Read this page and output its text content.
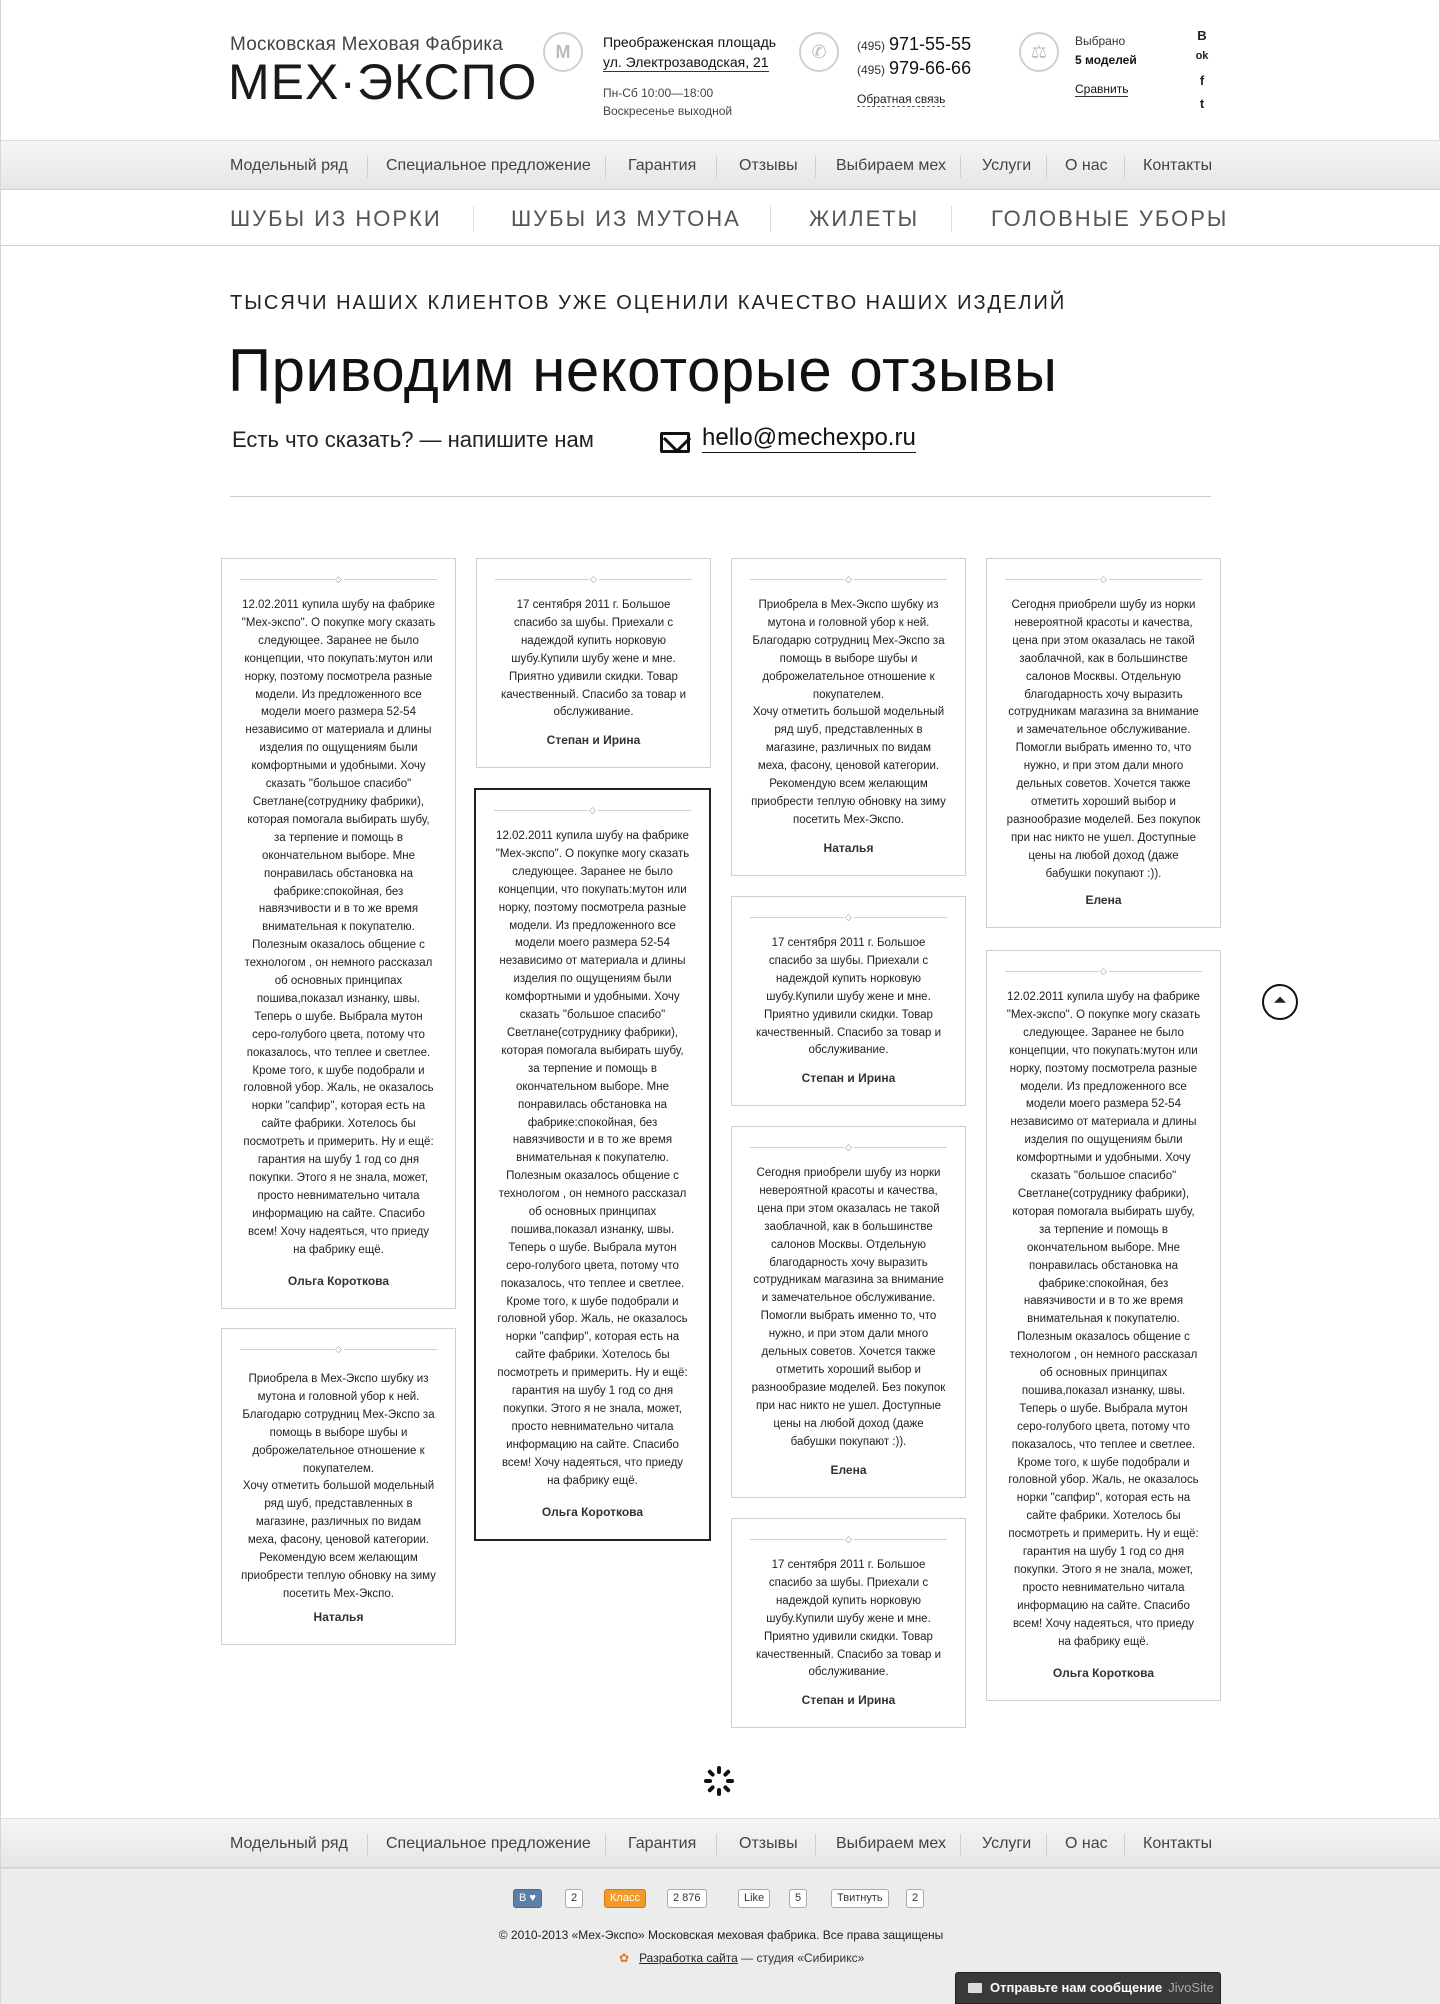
Московская Меховая Фабрика
МЕХ·ЭКСПО
М Преображенская площадь
ул. Электрозаводская, 21
Пн-Сб 10:00—18:00
Воскресенье выходной
✆	(495) 971-55-55
(495) 979-66-66
Обратная связь
⚖
Выбрано
5 моделей
Сравнить
В
ok
f
t
Модельный ряд Специальное предложение Гарантия	Отзывы Выбираем мех Услуги О нас Контакты
ШУБЫ ИЗ НОРКИ	ШУБЫ ИЗ МУТОНА	ЖИЛЕТЫ	ГОЛОВНЫЕ УБОРЫ
ТЫСЯЧИ НАШИХ КЛИЕНТОВ УЖЕ ОЦЕНИЛИ КАЧЕСТВО НАШИХ ИЗДЕЛИЙ
Приводим некоторые отзывы
Есть что сказать? — напишите нам	hello@mechexpo.ru
◇
12.02.2011 купила шубу на фабрике
"Мех-экспо". О покупке могу сказать
следующее. Заранее не было
концепции, что покупать:мутон или
норку, поэтому посмотрела разные
модели. Из предложенного все
модели моего размера 52-54
независимо от материала и длины
изделия по ощущениям были
комфортными и удобными. Хочу
сказать "большое спасибо"
Светлане(сотруднику фабрики),
которая помогала выбирать шубу,
за терпение и помощь в
окончательном выборе. Мне
понравилась обстановка на
фабрике:спокойная, без
навязчивости и в то же время
внимательная к покупателю.
Полезным оказалось общение с
технологом , он немного рассказал
об основных принципах
пошива,показал изнанку, швы.
Теперь о шубе. Выбрала мутон
серо-голубого цвета, потому что
показалось, что теплее и светлее.
Кроме того, к шубе подобрали и
головной убор. Жаль, не оказалось
норки "сапфир", которая есть на
сайте фабрики. Хотелось бы
посмотреть и примерить. Ну и ещё:
гарантия на шубу 1 год со дня
покупки. Этого я не знала, может,
просто невнимательно читала
информацию на сайте. Спасибо
всем! Хочу надеяться, что приеду
на фабрику ещё.
Ольга Короткова
◇
Приобрела в Мех-Экспо шубку из
мутона и головной убор к ней.
Благодарю сотрудниц Мех-Экспо за
помощь в выборе шубы и
доброжелательное отношение к
покупателем.
Хочу отметить большой модельный
ряд шуб, представленных в
магазине, различных по видам
меха, фасону, ценовой категории.
Рекомендую всем желающим
приобрести теплую обновку на зиму
посетить Мех-Экспо.
Наталья
◇
17 сентября 2011 г. Большое
спасибо за шубы. Приехали с
надеждой купить норковую
шубу.Купили шубу жене и мне.
Приятно удивили скидки. Товар
качественный. Спасибо за товар и
обслуживание.
Степан и Ирина
◇
12.02.2011 купила шубу на фабрике
"Мех-экспо". О покупке могу сказать
следующее. Заранее не было
концепции, что покупать:мутон или
норку, поэтому посмотрела разные
модели. Из предложенного все
модели моего размера 52-54
независимо от материала и длины
изделия по ощущениям были
комфортными и удобными. Хочу
сказать "большое спасибо"
Светлане(сотруднику фабрики),
которая помогала выбирать шубу,
за терпение и помощь в
окончательном выборе. Мне
понравилась обстановка на
фабрике:спокойная, без
навязчивости и в то же время
внимательная к покупателю.
Полезным оказалось общение с
технологом , он немного рассказал
об основных принципах
пошива,показал изнанку, швы.
Теперь о шубе. Выбрала мутон
серо-голубого цвета, потому что
показалось, что теплее и светлее.
Кроме того, к шубе подобрали и
головной убор. Жаль, не оказалось
норки "сапфир", которая есть на
сайте фабрики. Хотелось бы
посмотреть и примерить. Ну и ещё:
гарантия на шубу 1 год со дня
покупки. Этого я не знала, может,
просто невнимательно читала
информацию на сайте. Спасибо
всем! Хочу надеяться, что приеду
на фабрику ещё.
Ольга Короткова
◇
Приобрела в Мех-Экспо шубку из
мутона и головной убор к ней.
Благодарю сотрудниц Мех-Экспо за
помощь в выборе шубы и
доброжелательное отношение к
покупателем.
Хочу отметить большой модельный
ряд шуб, представленных в
магазине, различных по видам
меха, фасону, ценовой категории.
Рекомендую всем желающим
приобрести теплую обновку на зиму
посетить Мех-Экспо.
Наталья
◇
17 сентября 2011 г. Большое
спасибо за шубы. Приехали с
надеждой купить норковую
шубу.Купили шубу жене и мне.
Приятно удивили скидки. Товар
качественный. Спасибо за товар и
обслуживание.
Степан и Ирина
◇
Сегодня приобрели шубу из норки
невероятной красоты и качества,
цена при этом оказалась не такой
заоблачной, как в большинстве
салонов Москвы. Отдельную
благодарность хочу выразить
сотрудникам магазина за внимание
и замечательное обслуживание.
Помогли выбрать именно то, что
нужно, и при этом дали много
дельных советов. Хочется также
отметить хороший выбор и
разнообразие моделей. Без покупок
при нас никто не ушел. Доступные
цены на любой доход (даже
бабушки покупают :)).
Елена
◇
17 сентября 2011 г. Большое
спасибо за шубы. Приехали с
надеждой купить норковую
шубу.Купили шубу жене и мне.
Приятно удивили скидки. Товар
качественный. Спасибо за товар и
обслуживание.
Степан и Ирина
◇
Сегодня приобрели шубу из норки
невероятной красоты и качества,
цена при этом оказалась не такой
заоблачной, как в большинстве
салонов Москвы. Отдельную
благодарность хочу выразить
сотрудникам магазина за внимание
и замечательное обслуживание.
Помогли выбрать именно то, что
нужно, и при этом дали много
дельных советов. Хочется также
отметить хороший выбор и
разнообразие моделей. Без покупок
при нас никто не ушел. Доступные
цены на любой доход (даже
бабушки покупают :)).
Елена
◇
12.02.2011 купила шубу на фабрике
"Мех-экспо". О покупке могу сказать
следующее. Заранее не было
концепции, что покупать:мутон или
норку, поэтому посмотрела разные
модели. Из предложенного все
модели моего размера 52-54
независимо от материала и длины
изделия по ощущениям были
комфортными и удобными. Хочу
сказать "большое спасибо"
Светлане(сотруднику фабрики),
которая помогала выбирать шубу,
за терпение и помощь в
окончательном выборе. Мне
понравилась обстановка на
фабрике:спокойная, без
навязчивости и в то же время
внимательная к покупателю.
Полезным оказалось общение с
технологом , он немного рассказал
об основных принципах
пошива,показал изнанку, швы.
Теперь о шубе. Выбрала мутон
серо-голубого цвета, потому что
показалось, что теплее и светлее.
Кроме того, к шубе подобрали и
головной убор. Жаль, не оказалось
норки "сапфир", которая есть на
сайте фабрики. Хотелось бы
посмотреть и примерить. Ну и ещё:
гарантия на шубу 1 год со дня
покупки. Этого я не знала, может,
просто невнимательно читала
информацию на сайте. Спасибо
всем! Хочу надеяться, что приеду
на фабрику ещё.
Ольга Короткова
⏶
Модельный ряд Специальное предложение Гарантия	Отзывы Выбираем мех Услуги О нас Контакты
В ♥	2	Класс	2 876	Like	5	Твитнуть	2
© 2010-2013 «Мех-Экспо» Московская меховая фабрика. Все права защищены
✿ Разработка сайта — студия «Сибирикс»
Отправьте нам сообщение JivoSite
